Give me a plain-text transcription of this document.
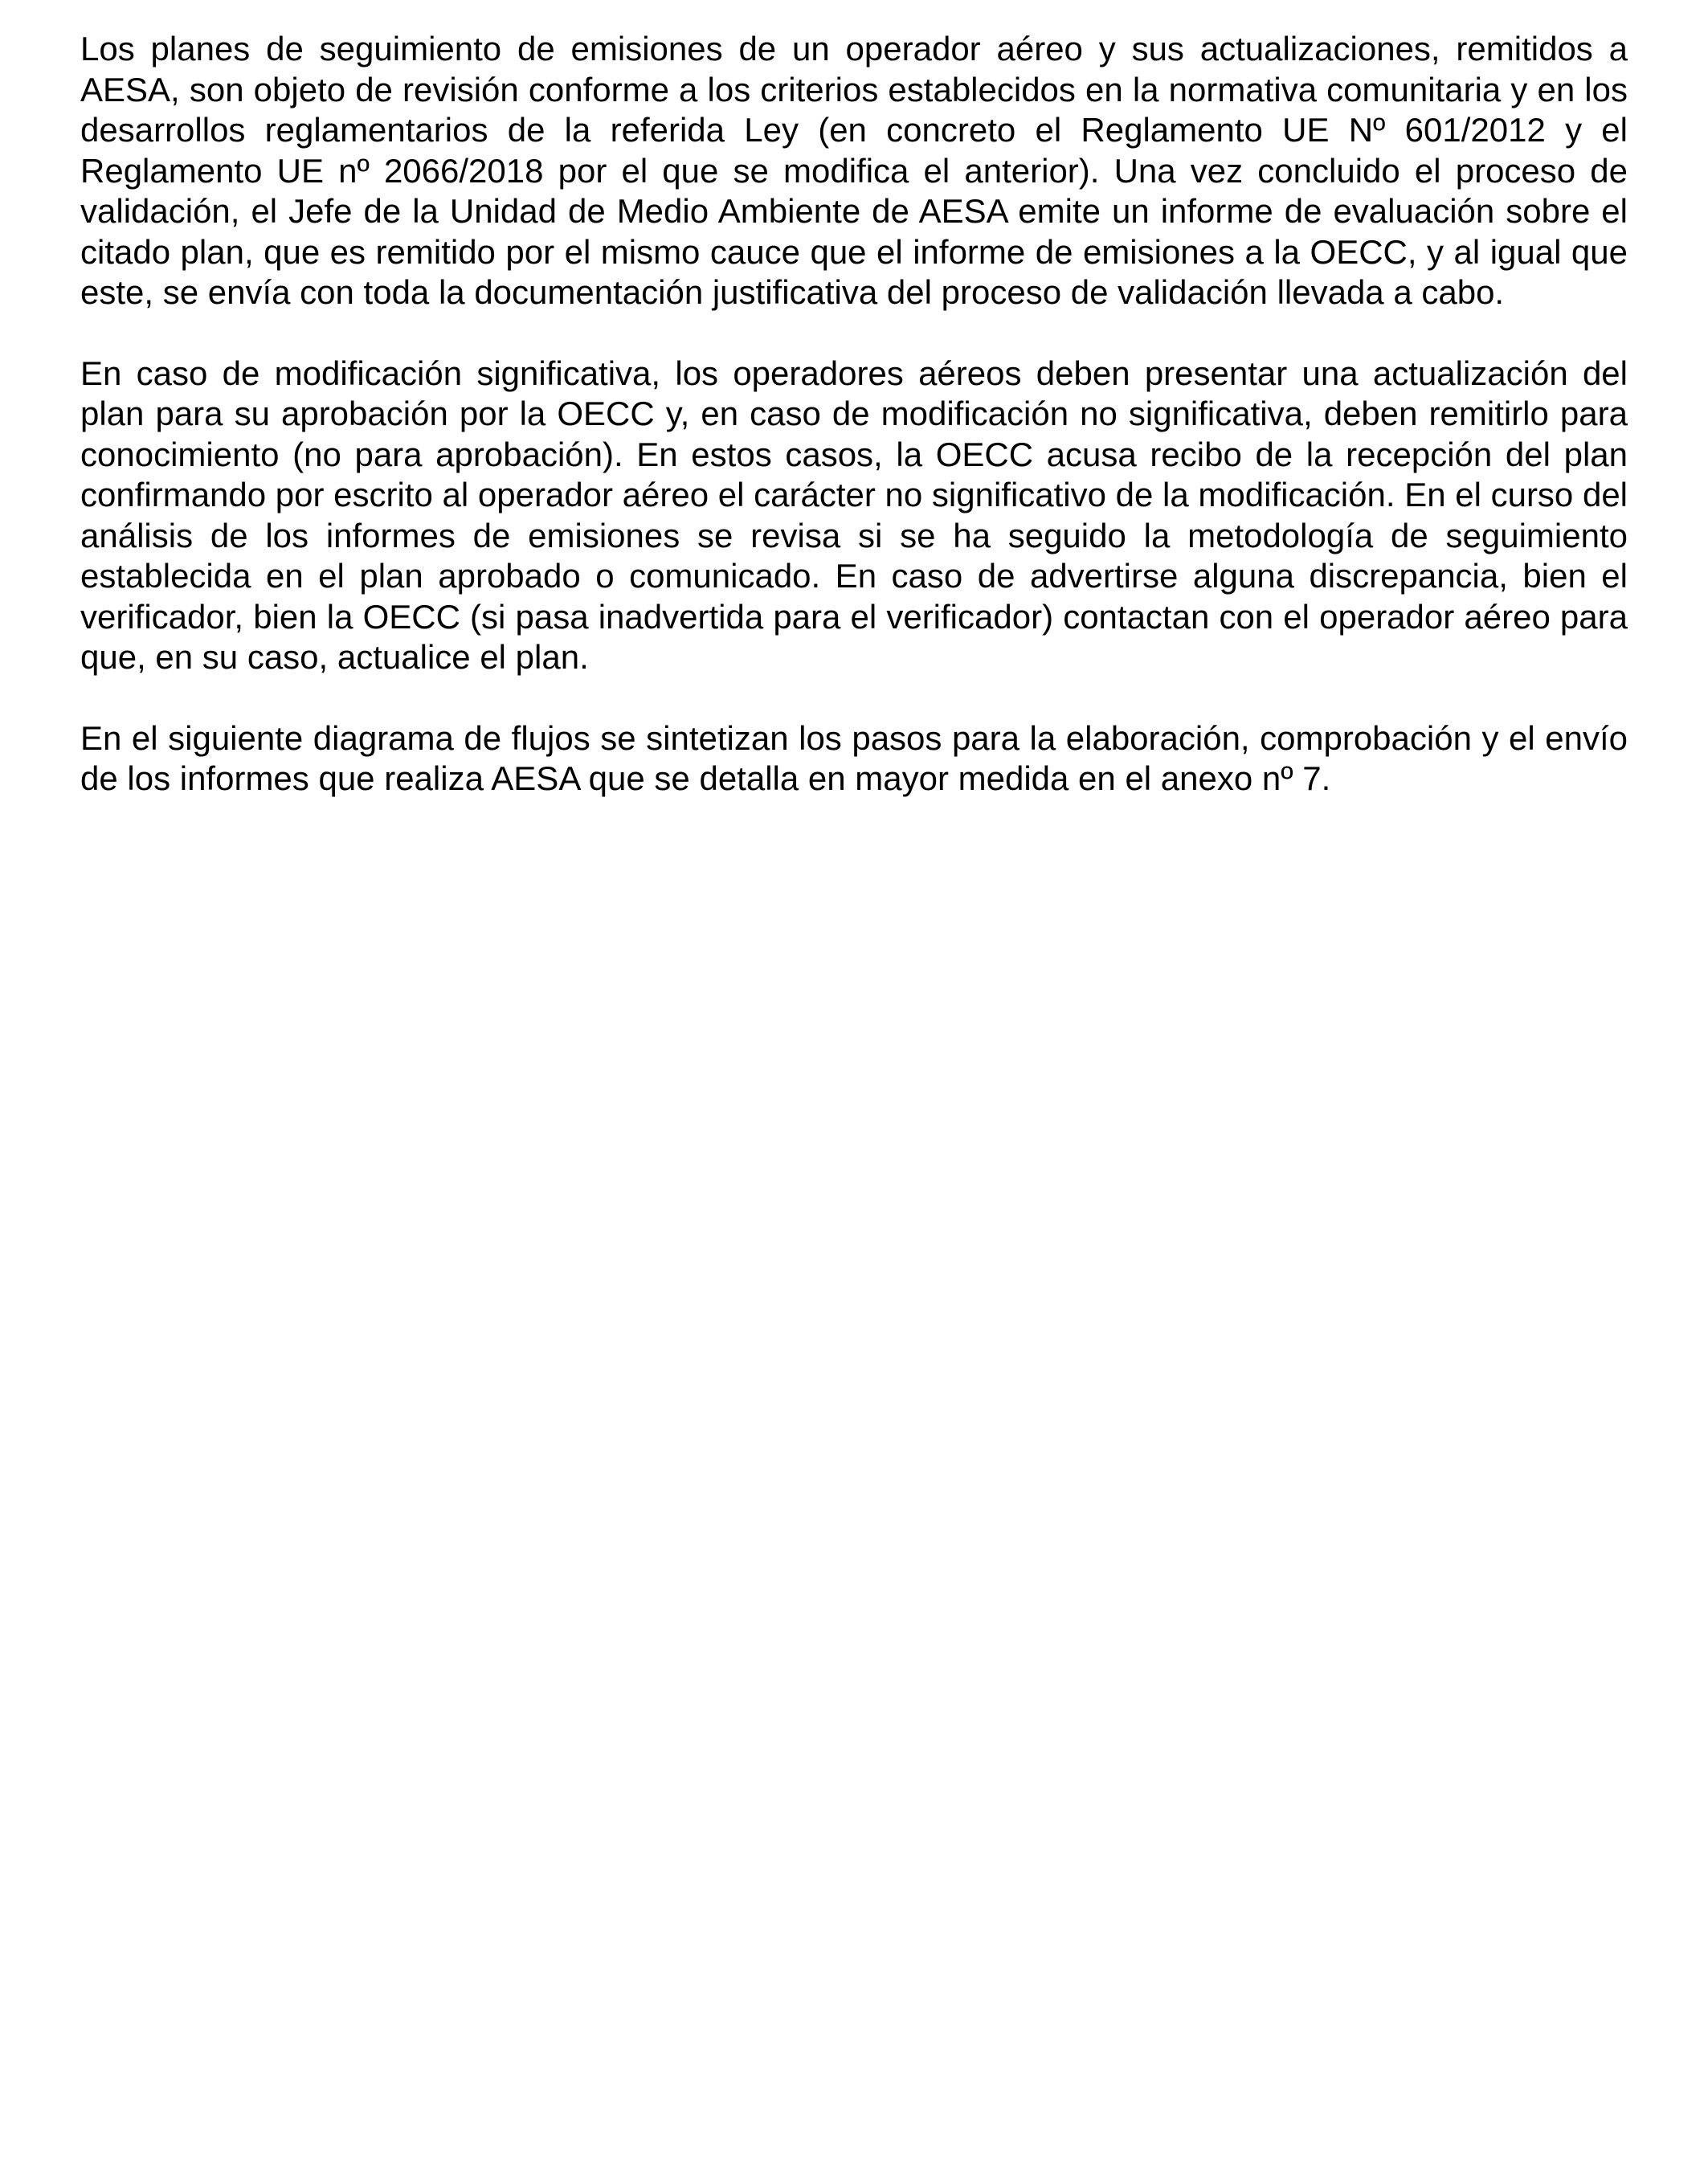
Los planes de seguimiento de emisiones de un operador aéreo y sus actualizaciones, remitidos a AESA, son objeto de revisión conforme a los criterios establecidos en la normativa comunitaria y en los desarrollos reglamentarios de la referida Ley (en concreto el Reglamento UE Nº 601/2012 y el Reglamento UE nº 2066/2018 por el que se modifica el anterior). Una vez concluido el proceso de validación, el Jefe de la Unidad de Medio Ambiente de AESA emite un informe de evaluación sobre el citado plan, que es remitido por el mismo cauce que el informe de emisiones a la OECC, y al igual que este, se envía con toda la documentación justificativa del proceso de validación llevada a cabo.

En caso de modificación significativa, los operadores aéreos deben presentar una actualización del plan para su aprobación por la OECC y, en caso de modificación no significativa, deben remitirlo para conocimiento (no para aprobación). En estos casos, la OECC acusa recibo de la recepción del plan confirmando por escrito al operador aéreo el carácter no significativo de la modificación. En el curso del análisis de los informes de emisiones se revisa si se ha seguido la metodología de seguimiento establecida en el plan aprobado o comunicado. En caso de advertirse alguna discrepancia, bien el verificador, bien la OECC (si pasa inadvertida para el verificador) contactan con el operador aéreo para que, en su caso, actualice el plan.

En el siguiente diagrama de flujos se sintetizan los pasos para la elaboración, comprobación y el envío de los informes que realiza AESA que se detalla en mayor medida en el anexo nº 7.
